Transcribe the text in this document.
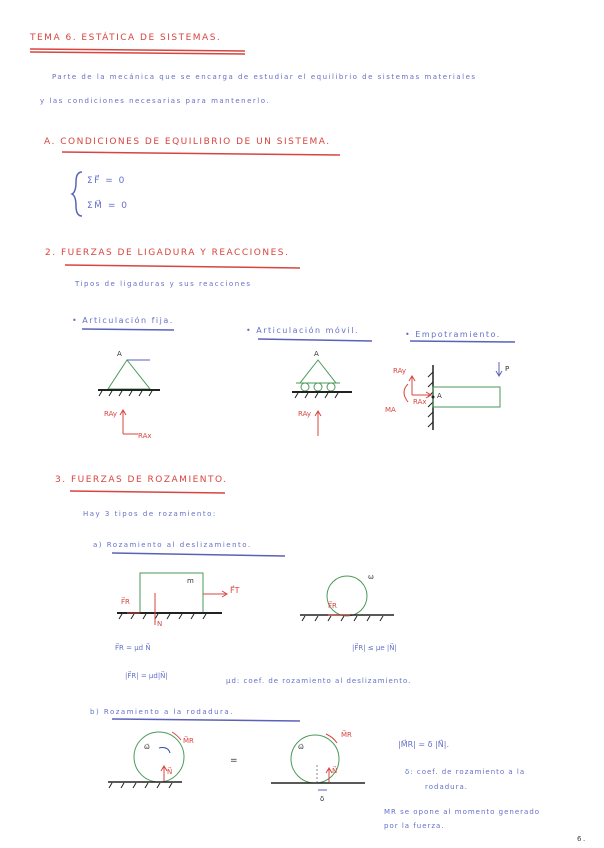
TEMA 6. ESTÁTICA DE SISTEMAS.
Parte de la mecánica que se encarga de estudiar el equilibrio de sistemas materiales
y las condiciones necesarias para mantenerlo.
A. CONDICIONES DE EQUILIBRIO DE UN SISTEMA.
ΣF⃗ = 0
ΣM⃗ = 0
2. FUERZAS DE LIGADURA Y REACCIONES.
Tipos de ligaduras y sus reacciones
• Articulación fija.
• Articulación móvil.	• Empotramiento.
A	A
A
RAy
RAx
RAy
RAy
RAx
P
MA
3. FUERZAS DE ROZAMIENTO.
Hay 3 tipos de rozamiento:
a) Rozamiento al deslizamiento.
F⃗T
F⃗R	F⃗R
m	ω
N
F⃗R = μd N⃗
|F⃗R| = μd|N⃗|
|F⃗R| ≤ μe |N⃗|
μd: coef. de rozamiento al deslizamiento.
b) Rozamiento a la rodadura.
ω⃗
M⃗R
N⃗
=
ω⃗
M⃗R
N⃗
δ
|M⃗R| = δ |N⃗|.
δ: coef. de rozamiento a la
rodadura.
MR se opone al momento generado
por la fuerza.
6.
